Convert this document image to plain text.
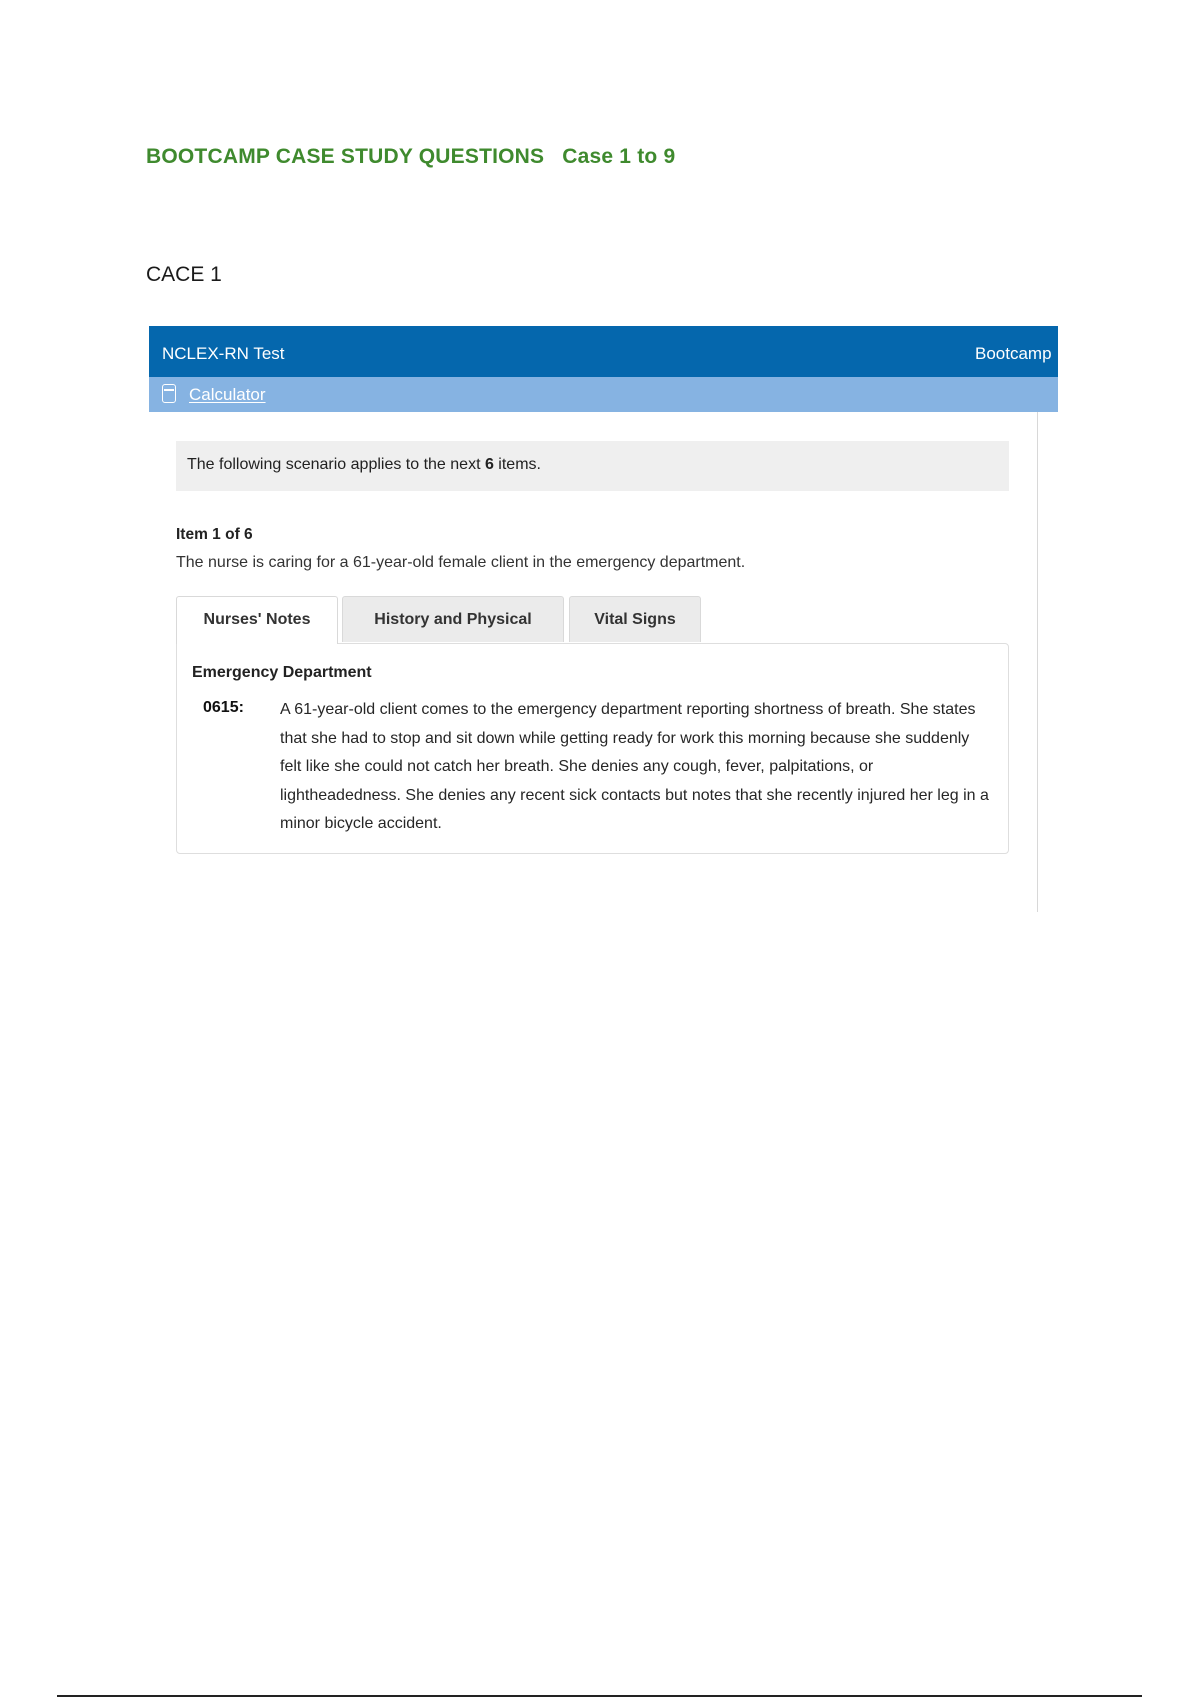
BOOTCAMP CASE STUDY QUESTIONS Case 1 to 9
CACE 1
NCLEX-RN Test	Bootcamp
Calculator
The following scenario applies to the next 6 items.
Item 1 of 6
The nurse is caring for a 61-year-old female client in the emergency department.
Nurses' Notes	History and Physical	Vital Signs
Emergency Department
0615: A 61-year-old client comes to the emergency department reporting shortness of breath. She states that she had to stop and sit down while getting ready for work this morning because she suddenly felt like she could not catch her breath. She denies any cough, fever, palpitations, or lightheadedness. She denies any recent sick contacts but notes that she recently injured her leg in a minor bicycle accident.
